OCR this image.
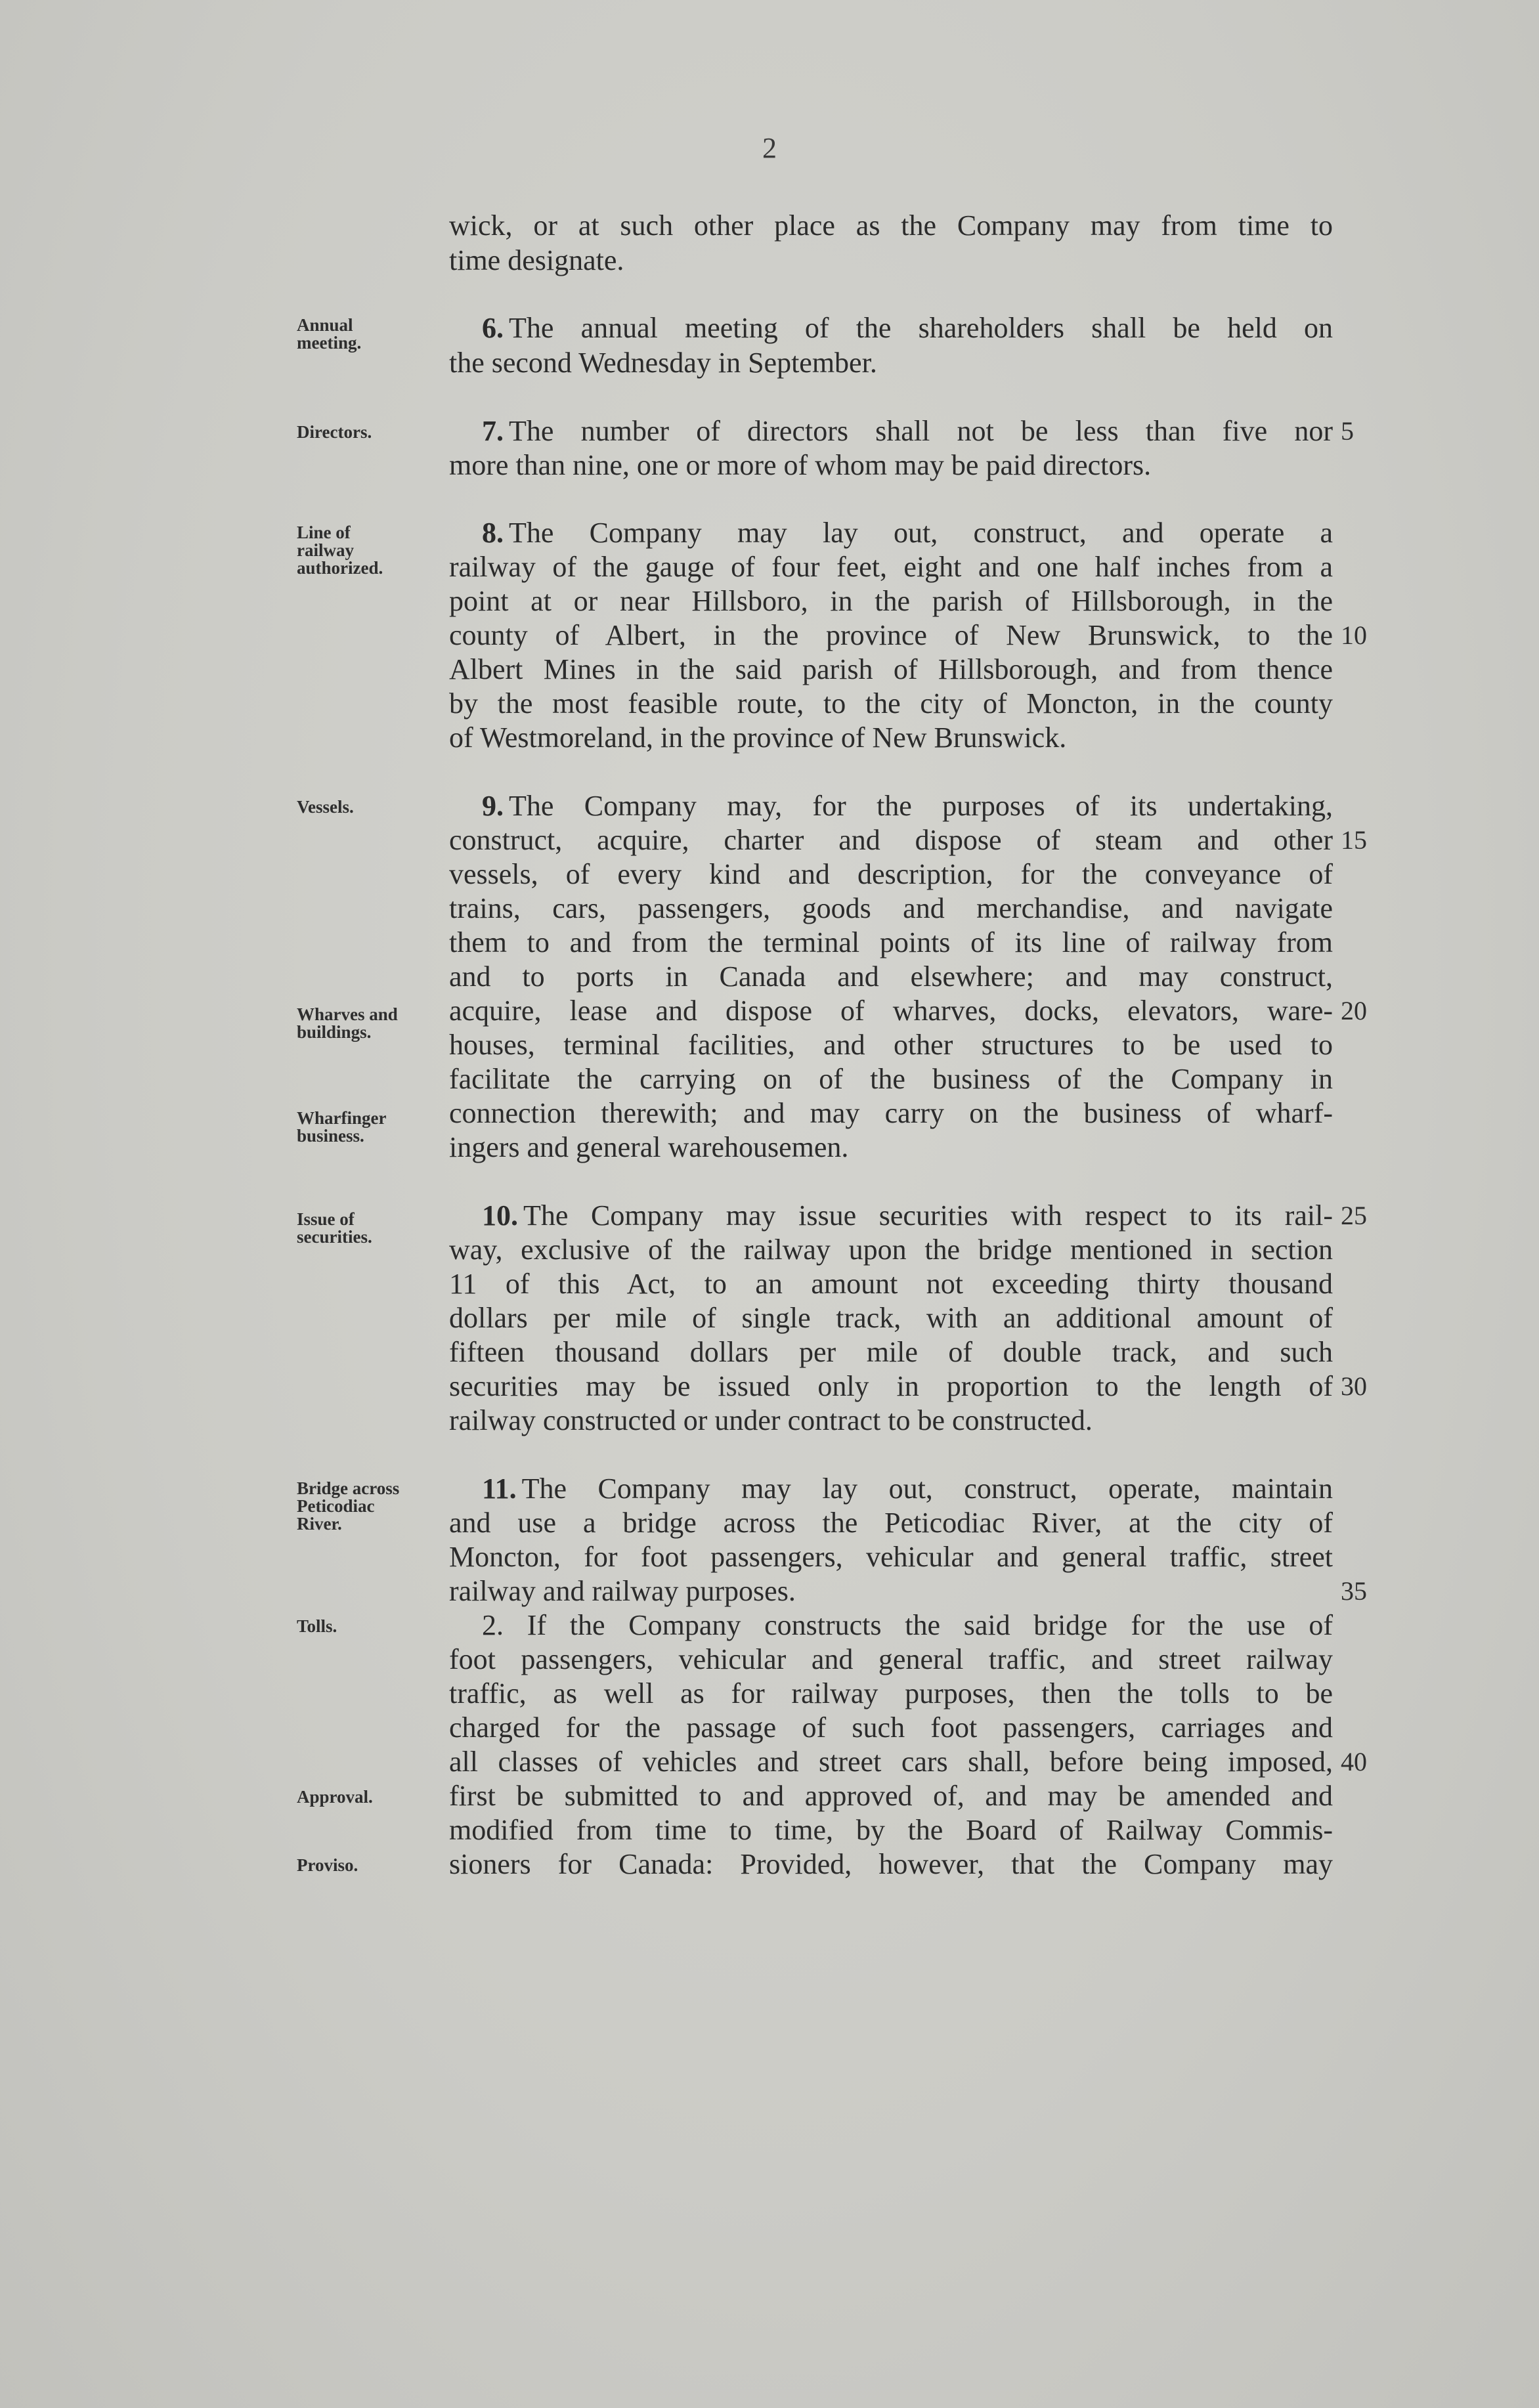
2
wick, or at such other place as the Company may from time to
time designate.
6. The annual meeting of the shareholders shall be held on
the second Wednesday in September.
7. The number of directors shall not be less than five nor
more than nine, one or more of whom may be paid directors.
8. The Company may lay out, construct, and operate a
railway of the gauge of four feet, eight and one half inches from a
point at or near Hillsboro, in the parish of Hillsborough, in the
county of Albert, in the province of New Brunswick, to the
Albert Mines in the said parish of Hillsborough, and from thence
by the most feasible route, to the city of Moncton, in the county
of Westmoreland, in the province of New Brunswick.
9. The Company may, for the purposes of its undertaking,
construct, acquire, charter and dispose of steam and other
vessels, of every kind and description, for the conveyance of
trains, cars, passengers, goods and merchandise, and navigate
them to and from the terminal points of its line of railway from
and to ports in Canada and elsewhere; and may construct,
acquire, lease and dispose of wharves, docks, elevators, ware-
houses, terminal facilities, and other structures to be used to
facilitate the carrying on of the business of the Company in
connection therewith; and may carry on the business of wharf-
ingers and general warehousemen.
10. The Company may issue securities with respect to its rail-
way, exclusive of the railway upon the bridge mentioned in section
11 of this Act, to an amount not exceeding thirty thousand
dollars per mile of single track, with an additional amount of
fifteen thousand dollars per mile of double track, and such
securities may be issued only in proportion to the length of
railway constructed or under contract to be constructed.
11. The Company may lay out, construct, operate, maintain
and use a bridge across the Peticodiac River, at the city of
Moncton, for foot passengers, vehicular and general traffic, street
railway and railway purposes.
2. If the Company constructs the said bridge for the use of
foot passengers, vehicular and general traffic, and street railway
traffic, as well as for railway purposes, then the tolls to be
charged for the passage of such foot passengers, carriages and
all classes of vehicles and street cars shall, before being imposed,
first be submitted to and approved of, and may be amended and
modified from time to time, by the Board of Railway Commis-
sioners for Canada: Provided, however, that the Company may
Annual
meeting.
Directors.
Line of
railway
authorized.
Vessels.
Wharves and
buildings.
Wharfinger
business.
Issue of
securities.
Bridge across
Peticodiac
River.
Tolls.
Approval.
Proviso.
5
10
15
20
25
30
35
40
